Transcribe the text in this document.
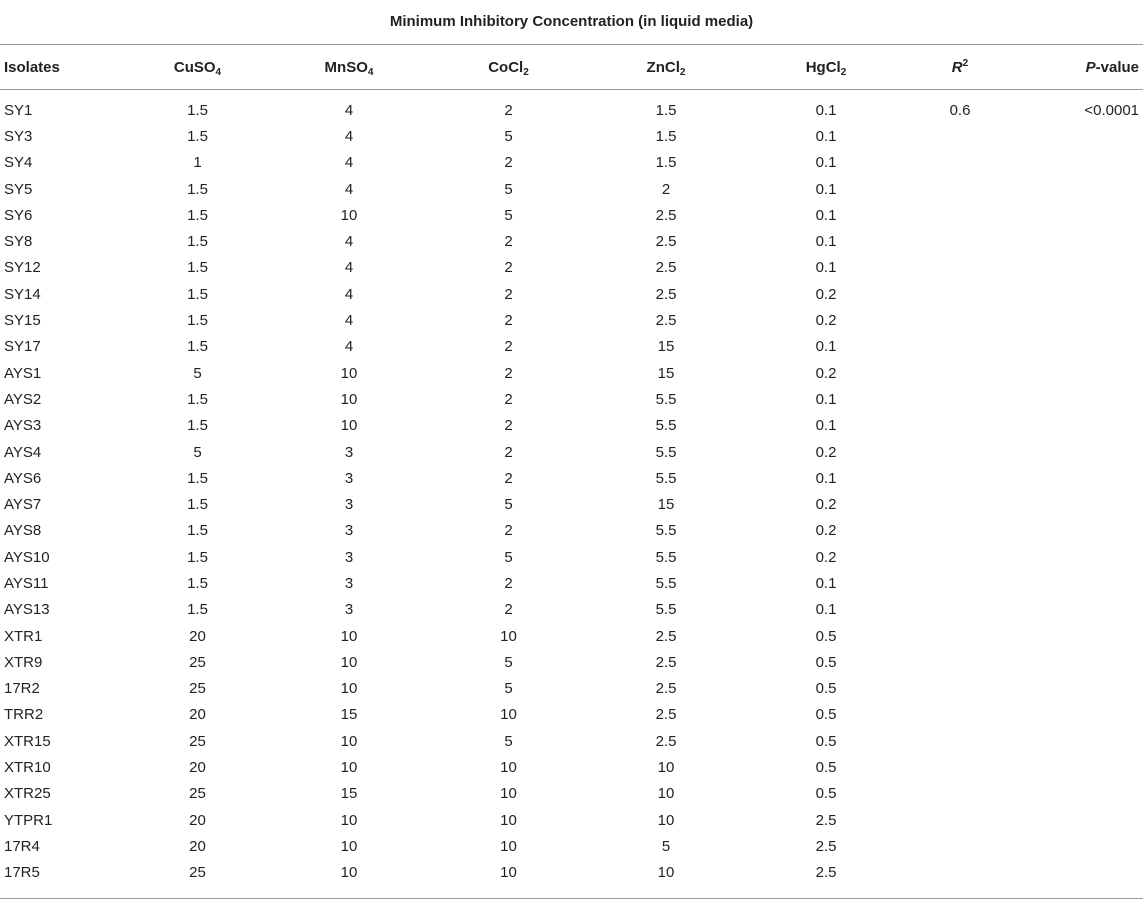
Minimum Inhibitory Concentration (in liquid media)
Isolates	CuSO$_4$	MnSO$_4$	CoCl$_2$	ZnCl$_2$	HgCl$_2$	$R^2$	P-value

SY1	1.5	4	2	1.5	0.1	0.6	<0.0001
SY3	1.5	4	5	1.5	0.1		
SY4	1	4	2	1.5	0.1		
SY5	1.5	4	5	2	0.1		
SY6	1.5	10	5	2.5	0.1		
SY8	1.5	4	2	2.5	0.1		
SY12	1.5	4	2	2.5	0.1		
SY14	1.5	4	2	2.5	0.2		
SY15	1.5	4	2	2.5	0.2		
SY17	1.5	4	2	15	0.1		
AYS1	5	10	2	15	0.2		
AYS2	1.5	10	2	5.5	0.1		
AYS3	1.5	10	2	5.5	0.1		
AYS4	5	3	2	5.5	0.2		
AYS6	1.5	3	2	5.5	0.1		
AYS7	1.5	3	5	15	0.2		
AYS8	1.5	3	2	5.5	0.2		
AYS10	1.5	3	5	5.5	0.2		
AYS11	1.5	3	2	5.5	0.1		
AYS13	1.5	3	2	5.5	0.1		
XTR1	20	10	10	2.5	0.5		
XTR9	25	10	5	2.5	0.5		
17R2	25	10	5	2.5	0.5		
TRR2	20	15	10	2.5	0.5		
XTR15	25	10	5	2.5	0.5		
XTR10	20	10	10	10	0.5		
XTR25	25	15	10	10	0.5		
YTPR1	20	10	10	10	2.5		
17R4	20	10	10	5	2.5		
17R5	25	10	10	10	2.5		
